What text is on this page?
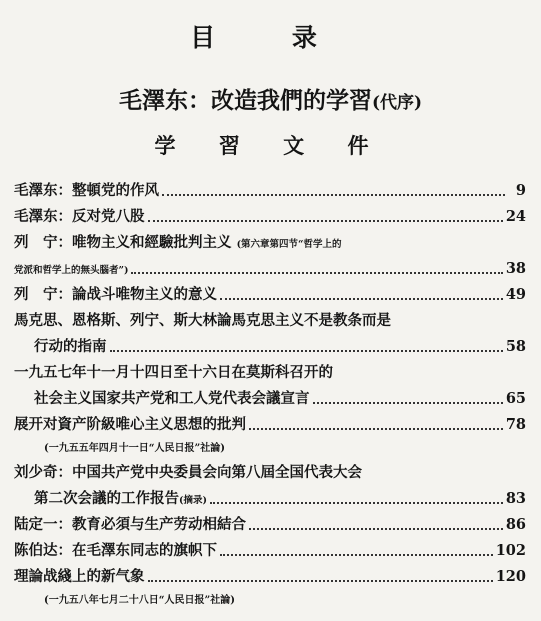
目 录
毛澤东：改造我們的学習(代序)
学 習 文 件
毛澤东：整頓党的作风	9
毛澤东：反对党八股	24
列　宁：唯物主义和經驗批判主义 (第六章第四节“哲学上的
党派和哲学上的無头腦者”)	38
列　宁：論战斗唯物主义的意义	49
馬克思、恩格斯、列宁、斯大林論馬克思主义不是教条而是
行动的指南	58
一九五七年十一月十四日至十六日在莫斯科召开的
社会主义国家共产党和工人党代表会議宣言	65
展开对資产阶級唯心主义思想的批判	78
(一九五五年四月十一日“人民日报”社論)
刘少奇：中国共产党中央委員会向第八屆全国代表大会
第二次会議的工作报告 (摘录)	83
陆定一：教育必須与生产劳动相結合	86
陈伯达：在毛澤东同志的旗帜下	102
理論战綫上的新气象	120
(一九五八年七月二十八日“人民日报”社論)
